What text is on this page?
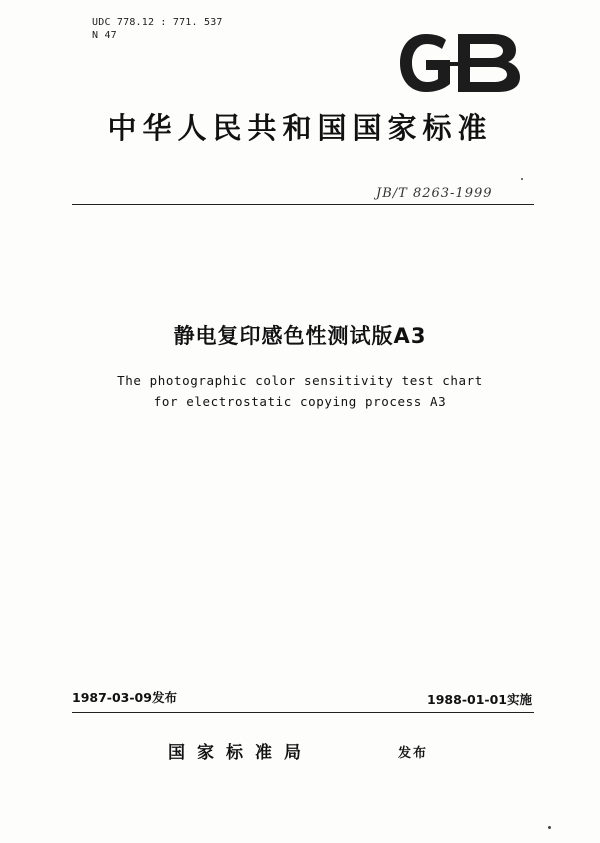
UDC 778.12 : 771. 537
N 47
中华人民共和国国家标准
JB/T 8263-1999
静电复印感色性测试版A3
The photographic color sensitivity test chart
for electrostatic copying process A3
1987-03-09发布	1988-01-01实施
国家标准局	发布
